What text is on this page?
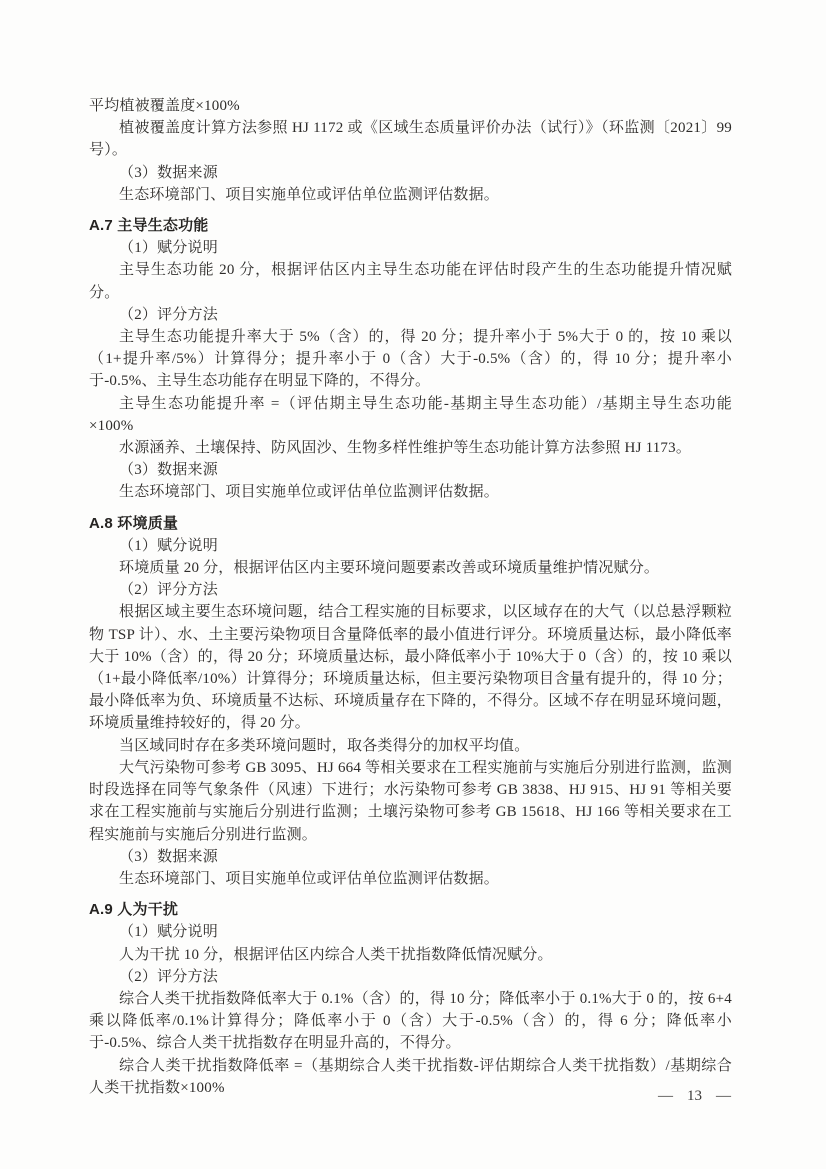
平均植被覆盖度×100%

植被覆盖度计算方法参照 HJ 1172 或《区域生态质量评价办法（试行）》（环监测〔2021〕99号）。

（3）数据来源

生态环境部门、项目实施单位或评估单位监测评估数据。

A.7 主导生态功能

（1）赋分说明

主导生态功能 20 分，根据评估区内主导生态功能在评估时段产生的生态功能提升情况赋分。

（2）评分方法

主导生态功能提升率大于 5%（含）的，得 20 分；提升率小于 5%大于 0 的，按 10 乘以（1+提升率/5%）计算得分；提升率小于 0（含）大于-0.5%（含）的，得 10 分；提升率小于-0.5%、主导生态功能存在明显下降的，不得分。

主导生态功能提升率 =（评估期主导生态功能-基期主导生态功能）/基期主导生态功能×100%

水源涵养、土壤保持、防风固沙、生物多样性维护等生态功能计算方法参照 HJ 1173。

（3）数据来源

生态环境部门、项目实施单位或评估单位监测评估数据。

A.8 环境质量

（1）赋分说明

环境质量 20 分，根据评估区内主要环境问题要素改善或环境质量维护情况赋分。

（2）评分方法

根据区域主要生态环境问题，结合工程实施的目标要求，以区域存在的大气（以总悬浮颗粒物 TSP 计）、水、土主要污染物项目含量降低率的最小值进行评分。环境质量达标，最小降低率大于 10%（含）的，得 20 分；环境质量达标，最小降低率小于 10%大于 0（含）的，按 10 乘以（1+最小降低率/10%）计算得分；环境质量达标，但主要污染物项目含量有提升的，得 10 分；最小降低率为负、环境质量不达标、环境质量存在下降的，不得分。区域不存在明显环境问题，环境质量维持较好的，得 20 分。

当区域同时存在多类环境问题时，取各类得分的加权平均值。

大气污染物可参考 GB 3095、HJ 664 等相关要求在工程实施前与实施后分别进行监测，监测时段选择在同等气象条件（风速）下进行；水污染物可参考 GB 3838、HJ 915、HJ 91 等相关要求在工程实施前与实施后分别进行监测；土壤污染物可参考 GB 15618、HJ 166 等相关要求在工程实施前与实施后分别进行监测。

（3）数据来源

生态环境部门、项目实施单位或评估单位监测评估数据。

A.9 人为干扰

（1）赋分说明

人为干扰 10 分，根据评估区内综合人类干扰指数降低情况赋分。

（2）评分方法

综合人类干扰指数降低率大于 0.1%（含）的，得 10 分；降低率小于 0.1%大于 0 的，按 6+4 乘以降低率/0.1%计算得分；降低率小于 0（含）大于-0.5%（含）的，得 6 分；降低率小于-0.5%、综合人类干扰指数存在明显升高的，不得分。

综合人类干扰指数降低率 =（基期综合人类干扰指数-评估期综合人类干扰指数）/基期综合人类干扰指数×100%

— 13 —
